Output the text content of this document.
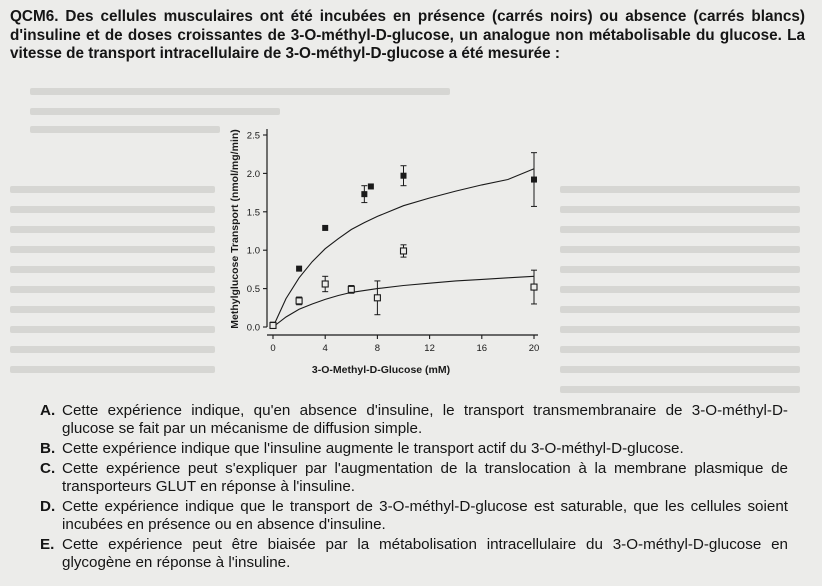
QCM6. Des cellules musculaires ont été incubées en présence (carrés noirs) ou absence (carrés blancs) d'insuline et de doses croissantes de 3-O-méthyl-D-glucose, un analogue non métabolisable du glucose. La vitesse de transport intracellulaire de 3-O-méthyl-D-glucose a été mesurée :

0.0
0.5
1.0
1.5
2.0
2.5
0	4	8	12	16	20
3-O-Methyl-D-Glucose (mM)
Methylglucose Transport (nmol/mg/min)
A. Cette expérience indique, qu'en absence d'insuline, le transport transmembranaire de 3-O-méthyl-D-glucose se fait par un mécanisme de diffusion simple.
B. Cette expérience indique que l'insuline augmente le transport actif du 3-O-méthyl-D-glucose.
C. Cette expérience peut s'expliquer par l'augmentation de la translocation à la membrane plasmique de transporteurs GLUT en réponse à l'insuline.
D. Cette expérience indique que le transport de 3-O-méthyl-D-glucose est saturable, que les cellules soient incubées en présence ou en absence d'insuline.
E. Cette expérience peut être biaisée par la métabolisation intracellulaire du 3-O-méthyl-D-glucose en glycogène en réponse à l'insuline.
